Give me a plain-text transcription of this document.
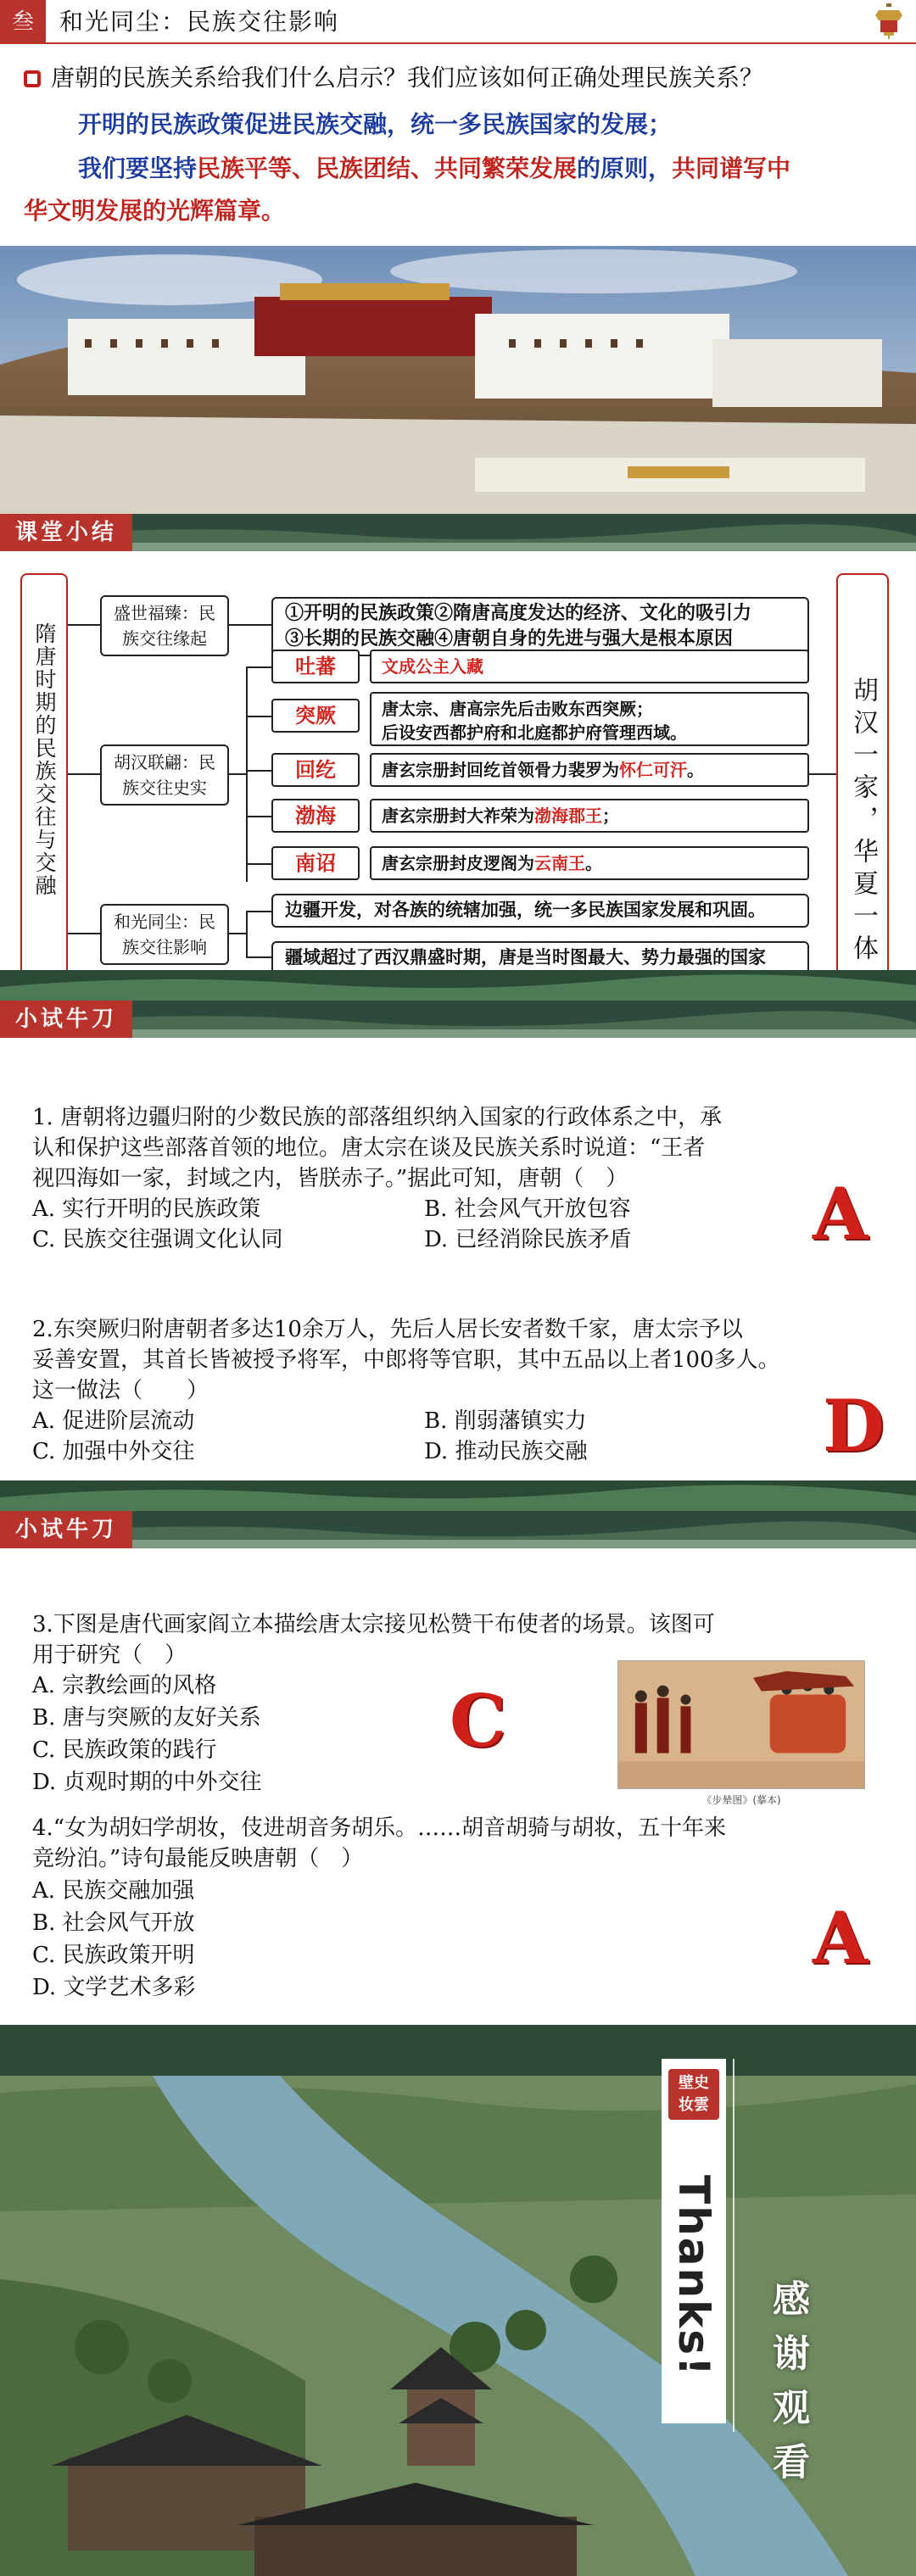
叁	和光同尘：民族交往影响
唐朝的民族关系给我们什么启示？我们应该如何正确处理民族关系？
开明的民族政策促进民族交融，统一多民族国家的发展；
我们要坚持民族平等、民族团结、共同繁荣发展的原则，共同谱写中
华文明发展的光辉篇章。
课堂小结
隋唐时期的民族交往与交融	胡汉一家，华夏一体
盛世福臻：民族交往缘起
胡汉联翩：民族交往史实
和光同尘：民族交往影响
①开明的民族政策②隋唐高度发达的经济、文化的吸引力
③长期的民族交融④唐朝自身的先进与强大是根本原因
吐蕃	文成公主入藏
突厥	唐太宗、唐高宗先后击败东西突厥；
后设安西都护府和北庭都护府管理西域。
回纥	唐玄宗册封回纥首领骨力裴罗为怀仁可汗。
渤海	唐玄宗册封大祚荣为渤海郡王；
南诏	唐玄宗册封皮逻阁为云南王。
边疆开发，对各族的统辖加强，统一多民族国家发展和巩固。
疆域超过了西汉鼎盛时期，唐是当时图最大、势力最强的国家
小试牛刀
1. 唐朝将边疆归附的少数民族的部落组织纳入国家的行政体系之中，承
认和保护这些部落首领的地位。唐太宗在谈及民族关系时说道：“王者
视四海如一家，封域之内，皆朕赤子。”据此可知，唐朝（　）
A. 实行开明的民族政策	B. 社会风气开放包容
C. 民族交往强调文化认同	D. 已经消除民族矛盾	A
2.东突厥归附唐朝者多达10余万人，先后人居长安者数千家，唐太宗予以
妥善安置，其首长皆被授予将军，中郎将等官职，其中五品以上者100多人。
这一做法（　　）
A. 促进阶层流动	B. 削弱藩镇实力
C. 加强中外交往	D. 推动民族交融	D
小试牛刀
3.下图是唐代画家阎立本描绘唐太宗接见松赞干布使者的场景。该图可
用于研究（　）
A. 宗教绘画的风格
B. 唐与突厥的友好关系
C. 民族政策的践行
D. 贞观时期的中外交往
C
《步辇图》(摹本)
4.“女为胡妇学胡妆，伎进胡音务胡乐。……胡音胡骑与胡妆，五十年来
竞纷泊。”诗句最能反映唐朝（　）
A. 民族交融加强
B. 社会风气开放
C. 民族政策开明
D. 文学艺术多彩
A
壁史
妆雲
Thanks!
感谢观看
